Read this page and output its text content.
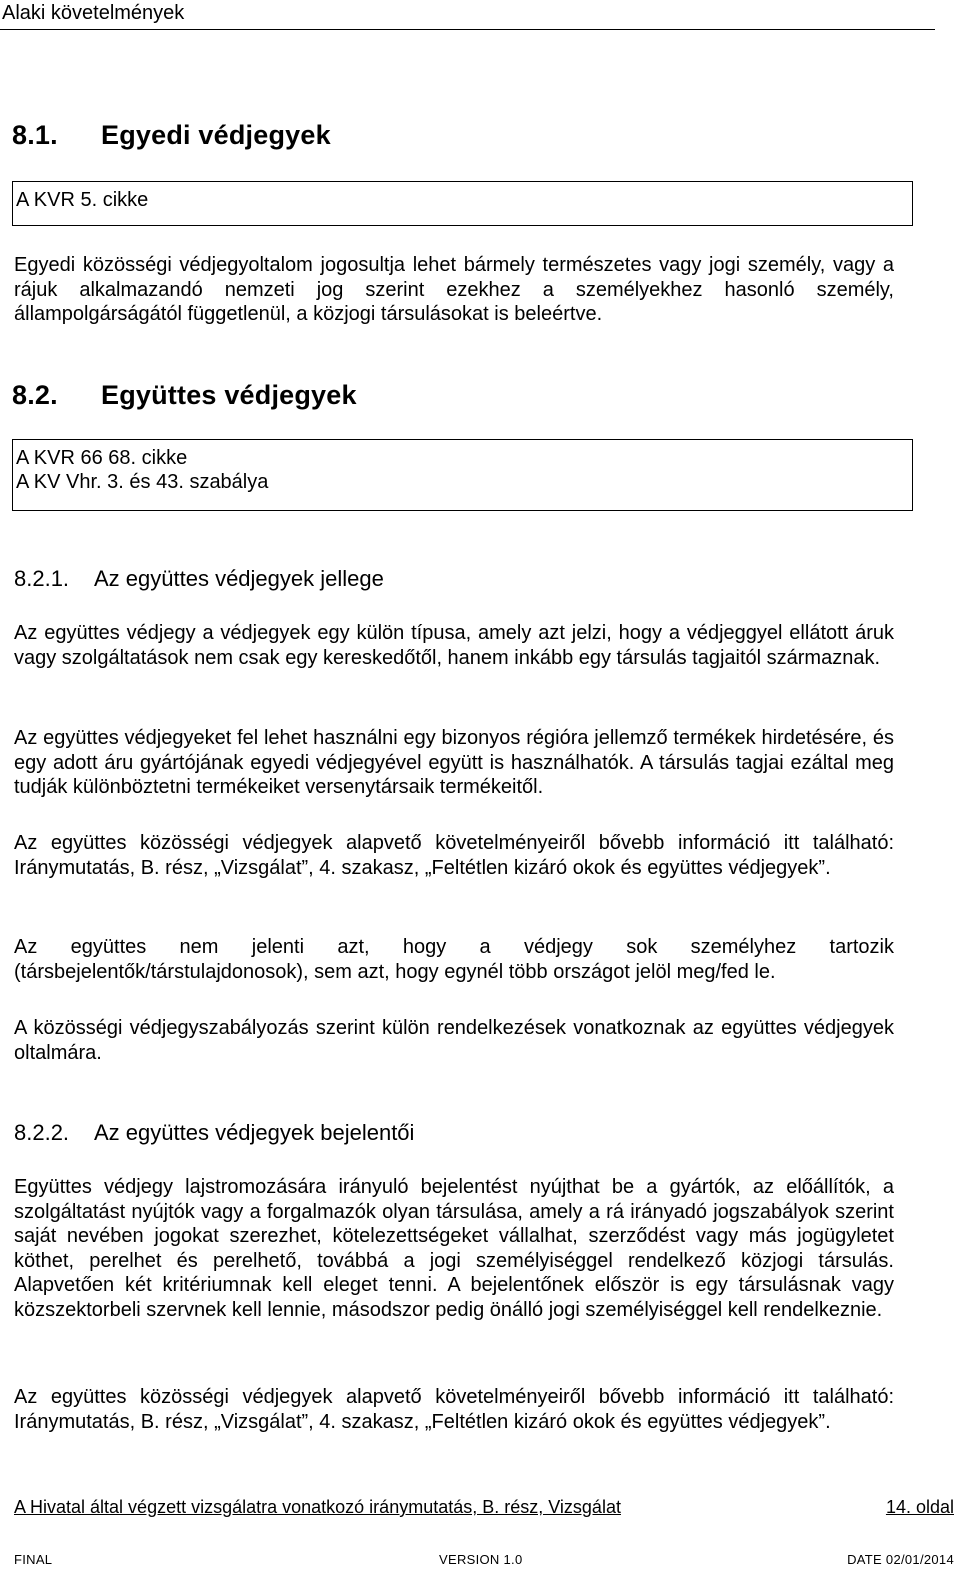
Alaki követelmények
8.1. Egyedi védjegyek
A KVR 5. cikke
Egyedi közösségi védjegyoltalom jogosultja lehet bármely természetes vagy jogi személy, vagy a rájuk alkalmazandó nemzeti jog szerint ezekhez a személyekhez hasonló személy, állampolgárságától függetlenül, a közjogi társulásokat is beleértve.
8.2. Együttes védjegyek
A KVR 66 68. cikke
A KV Vhr. 3. és 43. szabálya
8.2.1. Az együttes védjegyek jellege
Az együttes védjegy a védjegyek egy külön típusa, amely azt jelzi, hogy a védjeggyel ellátott áruk vagy szolgáltatások nem csak egy kereskedőtől, hanem inkább egy társulás tagjaitól származnak.
Az együttes védjegyeket fel lehet használni egy bizonyos régióra jellemző termékek hirdetésére, és egy adott áru gyártójának egyedi védjegyével együtt is használhatók. A társulás tagjai ezáltal meg tudják különböztetni termékeiket versenytársaik termékeitől.
Az együttes közösségi védjegyek alapvető követelményeiről bővebb információ itt található: Iránymutatás, B. rész, „Vizsgálat”, 4. szakasz, „Feltétlen kizáró okok és együttes védjegyek”.
Az együttes nem jelenti azt, hogy a védjegy sok személyhez tartozik (társbejelentők/társtulajdonosok), sem azt, hogy egynél több országot jelöl meg/fed le.
A közösségi védjegyszabályozás szerint külön rendelkezések vonatkoznak az együttes védjegyek oltalmára.
8.2.2. Az együttes védjegyek bejelentői
Együttes védjegy lajstromozására irányuló bejelentést nyújthat be a gyártók, az előállítók, a szolgáltatást nyújtók vagy a forgalmazók olyan társulása, amely a rá irányadó jogszabályok szerint saját nevében jogokat szerezhet, kötelezettségeket vállalhat, szerződést vagy más jogügyletet köthet, perelhet és perelhető, továbbá a jogi személyiséggel rendelkező közjogi társulás. Alapvetően két kritériumnak kell eleget tenni. A bejelentőnek először is egy társulásnak vagy közszektorbeli szervnek kell lennie, másodszor pedig önálló jogi személyiséggel kell rendelkeznie.
Az együttes közösségi védjegyek alapvető követelményeiről bővebb információ itt található: Iránymutatás, B. rész, „Vizsgálat”, 4. szakasz, „Feltétlen kizáró okok és együttes védjegyek”.
A Hivatal által végzett vizsgálatra vonatkozó iránymutatás, B. rész, Vizsgálat	14. oldal
FINAL	VERSION 1.0	DATE 02/01/2014
